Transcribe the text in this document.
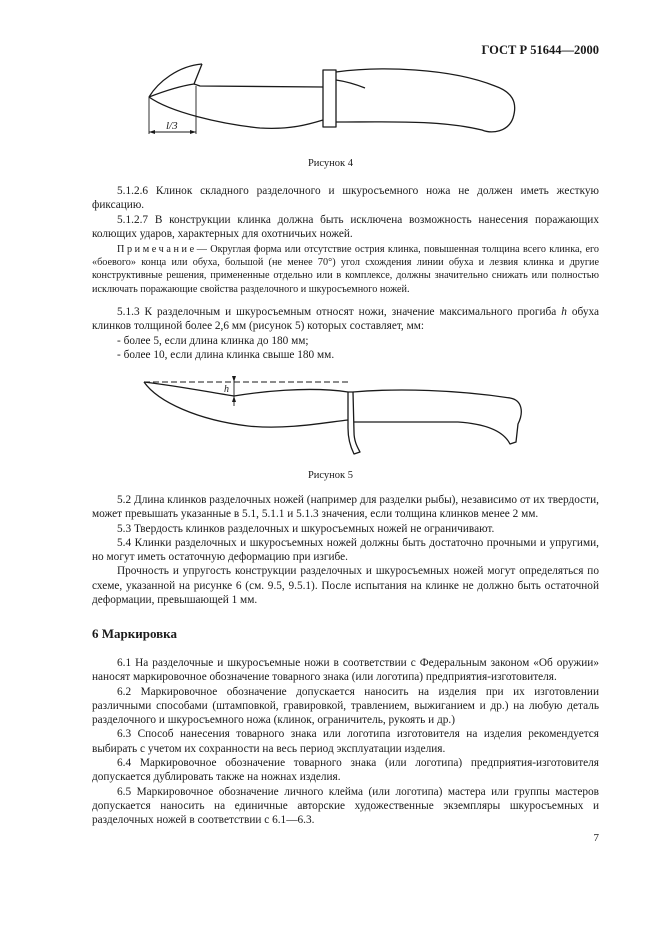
ГОСТ Р 51644—2000
l/3
Рисунок 4

5.1.2.6 Клинок складного разделочного и шкуросъемного ножа не должен иметь жесткую фиксацию.

5.1.2.7 В конструкции клинка должна быть исключена возможность нанесения поражающих колющих ударов, характерных для охотничьих ножей.

Примечание— Округлая форма или отсутствие острия клинка, повышенная толщина всего клинка, его «боевого» конца или обуха, большой (не менее 70°) угол схождения линии обуха и лезвия клинка и другие конструктивные решения, примененные отдельно или в комплексе, должны значительно снижать или полностью исключать поражающие свойства разделочного и шкуросъемного ножей.

5.1.3 К разделочным и шкуросъемным относят ножи, значение максимального прогиба h обуха клинков толщиной более 2,6 мм (рисунок 5) которых составляет, мм:

- более 5, если длина клинка до 180 мм;

- более 10, если длина клинка свыше 180 мм.

h
Рисунок 5

5.2 Длина клинков разделочных ножей (например для разделки рыбы), независимо от их твердости, может превышать указанные в 5.1, 5.1.1 и 5.1.3 значения, если толщина клинков менее 2 мм.

5.3 Твердость клинков разделочных и шкуросъемных ножей не ограничивают.

5.4 Клинки разделочных и шкуросъемных ножей должны быть достаточно прочными и упругими, но могут иметь остаточную деформацию при изгибе.

Прочность и упругость конструкции разделочных и шкуросъемных ножей могут определяться по схеме, указанной на рисунке 6 (см. 9.5, 9.5.1). После испытания на клинке не должно быть остаточной деформации, превышающей 1 мм.

6 Маркировка

6.1 На разделочные и шкуросъемные ножи в соответствии с Федеральным законом «Об оружии» наносят маркировочное обозначение товарного знака (или логотипа) предприятия-изготовителя.

6.2 Маркировочное обозначение допускается наносить на изделия при их изготовлении различными способами (штамповкой, гравировкой, травлением, выжиганием и др.) на любую деталь разделочного и шкуросъемного ножа (клинок, ограничитель, рукоять и др.)

6.3 Способ нанесения товарного знака или логотипа изготовителя на изделия рекомендуется выбирать с учетом их сохранности на весь период эксплуатации изделия.

6.4 Маркировочное обозначение товарного знака (или логотипа) предприятия-изготовителя допускается дублировать также на ножнах изделия.

6.5 Маркировочное обозначение личного клейма (или логотипа) мастера или группы мастеров допускается наносить на единичные авторские художественные экземпляры шкуросъемных и разделочных ножей в соответствии с 6.1—6.3.

7
